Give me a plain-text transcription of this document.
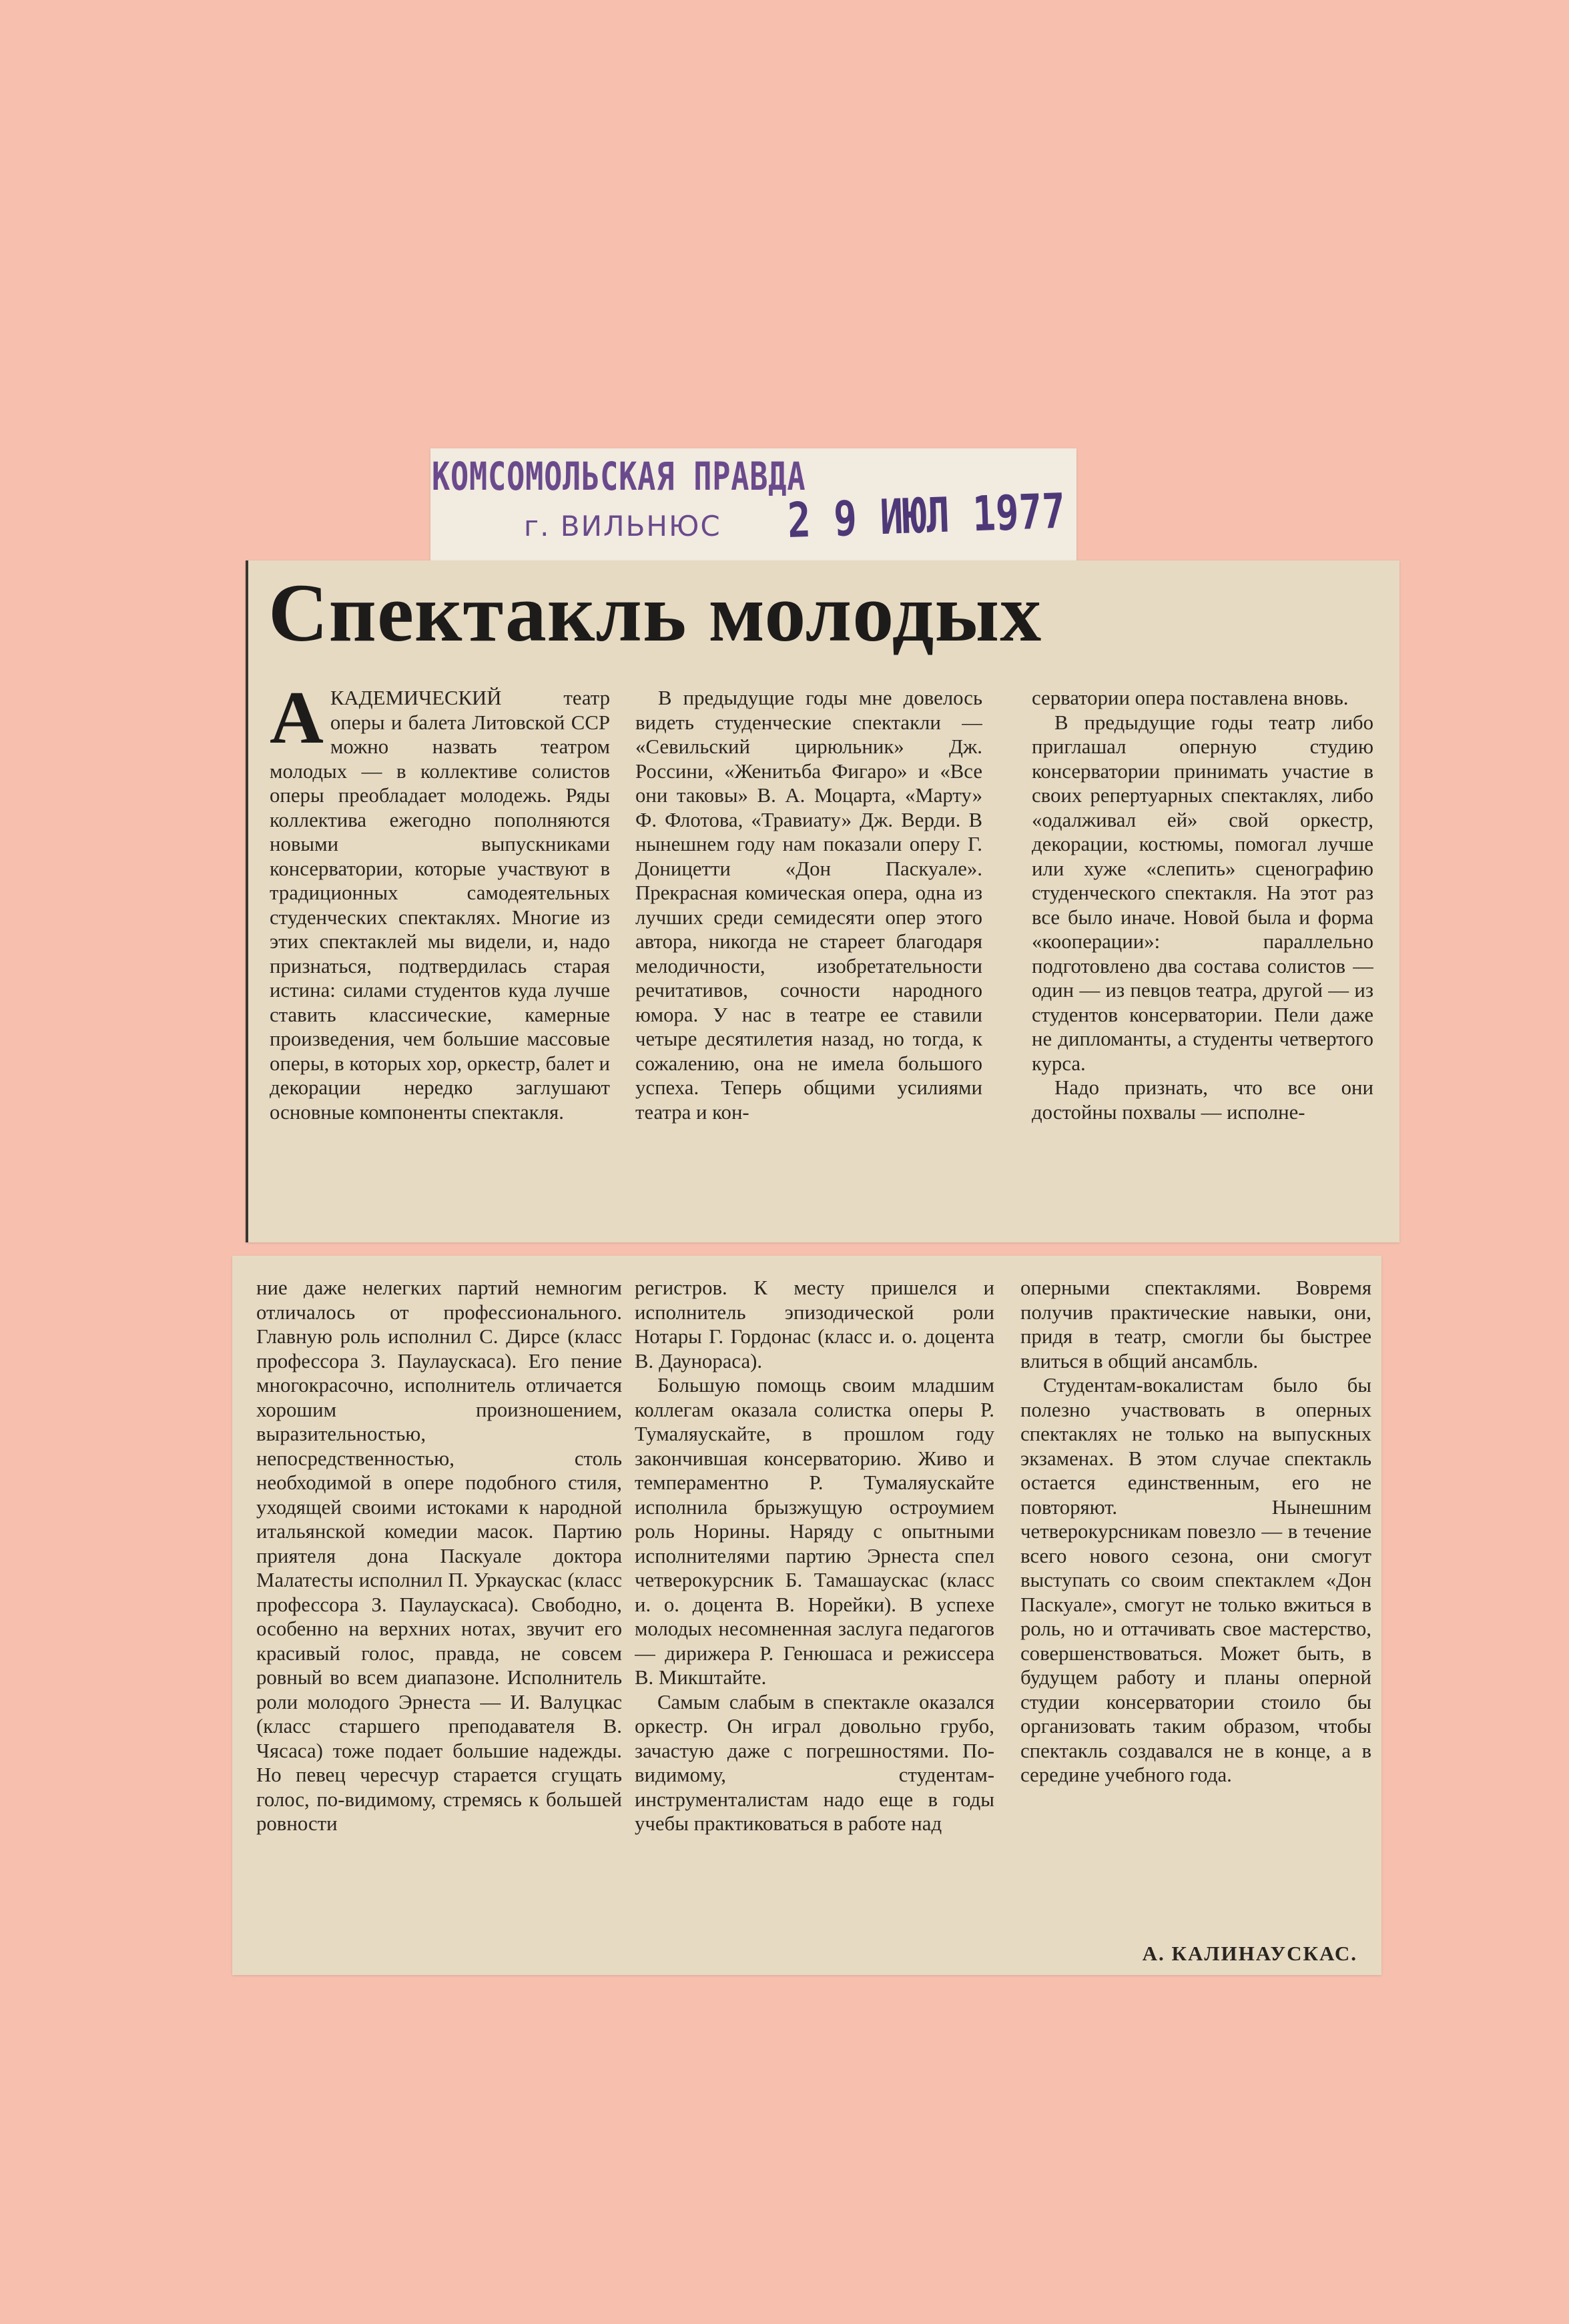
КОМСОМОЛЬСКАЯ ПРАВДА

г. ВИЛЬНЮС 2 9 ИЮЛ 1977

Спектакль молодых

АКАДЕМИЧЕСКИЙ театр оперы и балета Литовской ССР можно назвать театром молодых — в коллективе солистов оперы преобладает молодежь. Ряды коллектива ежегодно пополняются новыми выпускниками консерватории, которые участвуют в традиционных самодеятельных студенческих спектаклях. Многие из этих спектаклей мы видели, и, надо признаться, подтвердилась старая истина: силами студентов куда лучше ставить классические, камерные произведения, чем большие массовые оперы, в которых хор, оркестр, балет и декорации нередко заглушают основные компоненты спектакля.

В предыдущие годы мне довелось видеть студенческие спектакли — «Севильский цирюльник» Дж. Россини, «Женитьба Фигаро» и «Все они таковы» В. А. Моцарта, «Марту» Ф. Флотова, «Травиату» Дж. Верди. В нынешнем году нам показали оперу Г. Доницетти «Дон Паскуале». Прекрасная комическая опера, одна из лучших среди семидесяти опер этого автора, никогда не стареет благодаря мелодичности, изобретательности речитативов, сочности народного юмора. У нас в театре ее ставили четыре десятилетия назад, но тогда, к сожалению, она не имела большого успеха. Теперь общими усилиями театра и кон-

серватории опера поставлена вновь.

В предыдущие годы театр либо приглашал оперную студию консерватории принимать участие в своих репертуарных спектаклях, либо «одалживал ей» свой оркестр, декорации, костюмы, помогал лучше или хуже «слепить» сценографию студенческого спектакля. На этот раз все было иначе. Новой была и форма «кооперации»: параллельно подготовлено два состава солистов — один — из певцов театра, другой — из студентов консерватории. Пели даже не дипломанты, а студенты четвертого курса.

Надо признать, что все они достойны похвалы — исполне-

ние даже нелегких партий немногим отличалось от профессионального. Главную роль исполнил С. Дирсе (класс профессора З. Паулаускаса). Его пение многокрасочно, исполнитель отличается хорошим произношением, выразительностью, непосредственностью, столь необходимой в опере подобного стиля, уходящей своими истоками к народной итальянской комедии масок. Партию приятеля дона Паскуале доктора Малатесты исполнил П. Уркаускас (класс профессора З. Паулаускаса). Свободно, особенно на верхних нотах, звучит его красивый голос, правда, не совсем ровный во всем диапазоне. Исполнитель роли молодого Эрнеста — И. Валуцкас (класс старшего преподавателя В. Чясаса) тоже подает большие надежды. Но певец чересчур старается сгущать голос, по-видимому, стремясь к большей ровности

регистров. К месту пришелся и исполнитель эпизодической роли Нотары Г. Гордонас (класс и. о. доцента В. Даунораса).

Большую помощь своим младшим коллегам оказала солистка оперы Р. Тумаляускайте, в прошлом году закончившая консерваторию. Живо и темпераментно Р. Тумаляускайте исполнила брызжущую остроумием роль Норины. Наряду с опытными исполнителями партию Эрнеста спел четверокурсник Б. Тамашаускас (класс и. о. доцента В. Норейки). В успехе молодых несомненная заслуга педагогов — дирижера Р. Генюшаса и режиссера В. Микштайте.

Самым слабым в спектакле оказался оркестр. Он играл довольно грубо, зачастую даже с погрешностями. По-видимому, студентам-инструменталистам надо еще в годы учебы практиковаться в работе над

оперными спектаклями. Вовремя получив практические навыки, они, придя в театр, смогли бы быстрее влиться в общий ансамбль.

Студентам-вокалистам было бы полезно участвовать в оперных спектаклях не только на выпускных экзаменах. В этом случае спектакль остается единственным, его не повторяют. Нынешним четверокурсникам повезло — в течение всего нового сезона, они смогут выступать со своим спектаклем «Дон Паскуале», смогут не только вжиться в роль, но и оттачивать свое мастерство, совершенствоваться. Может быть, в будущем работу и планы оперной студии консерватории стоило бы организовать таким образом, чтобы спектакль создавался не в конце, а в середине учебного года.

А. КАЛИНАУСКАС.
